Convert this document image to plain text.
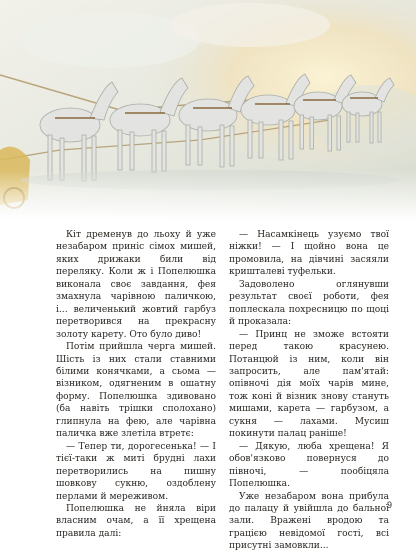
Кіт дременув до льоху й уже незабаром приніс сімох мишей, яких дрижаки били від переляку. Коли ж і Попелюшка виконала своє завдання, фея змахнула чарівною паличкою, і... величенький жовтий гарбуз перетворився на прекрасну золоту карету. Ото було диво!

Потім прийшла черга мишей. Шість із них стали ставними білими конячками, а сьома — візником, одягненим в ошатну форму. Попелюшка здивовано (ба навіть трішки сполохано) глипнула на фею, але чарівна паличка вже злетіла втретє:

— Тепер ти, дорогесенька! — І тієї-таки ж миті брудні лахи перетворились на пишну шовкову сукню, оздоблену перлами й мереживом.

Попелюшка не йняла віри власним очам, а її хрещена правила далі:

— Насамкінець узуємо твої ніжки! — І щойно вона це промовила, на дівчині засяяли кришталеві туфельки.

Задоволено оглянувши результат своєї роботи, фея поплескала похресницю по щоці й проказала:

— Принц не зможе встояти перед такою красунею. Потанцюй із ним, коли він запросить, але пам'ятай: опівночі дія моїх чарів мине, тож коні й візник знову стануть мишами, карета — гарбузом, а сукня — лахами. Мусиш покинути палац раніше!

— Дякую, люба хрещена! Я обов'язково повернуся до півночі, — пообіцяла Попелюшка.

Уже незабаром вона прибула до палацу й увійшла до бальної зали. Вражені вродою та грацією невідомої гості, всі присутні замовкли...

9
